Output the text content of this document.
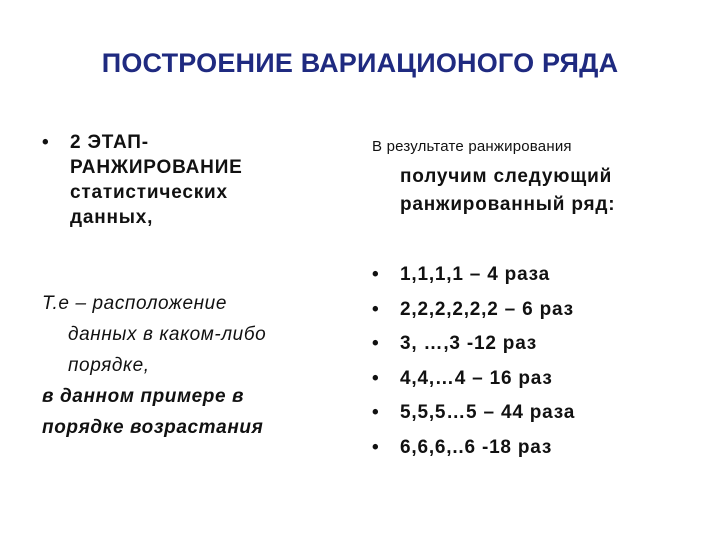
ПОСТРОЕНИЕ ВАРИАЦИОНОГО РЯДА
• 2 ЭТАП-
РАНЖИРОВАНИЕ
статистических
данных,
Т.е – расположение
данных в каком-либо
порядке,
в данном примере в
порядке возрастания
В результате ранжирования
получим следующий
ранжированный ряд:
• 1,1,1,1 – 4 раза
• 2,2,2,2,2,2 – 6 раз
• 3, …,3 -12 раз
• 4,4,…4 – 16 раз
• 5,5,5…5 – 44 раза
• 6,6,6,..6 -18 раз
